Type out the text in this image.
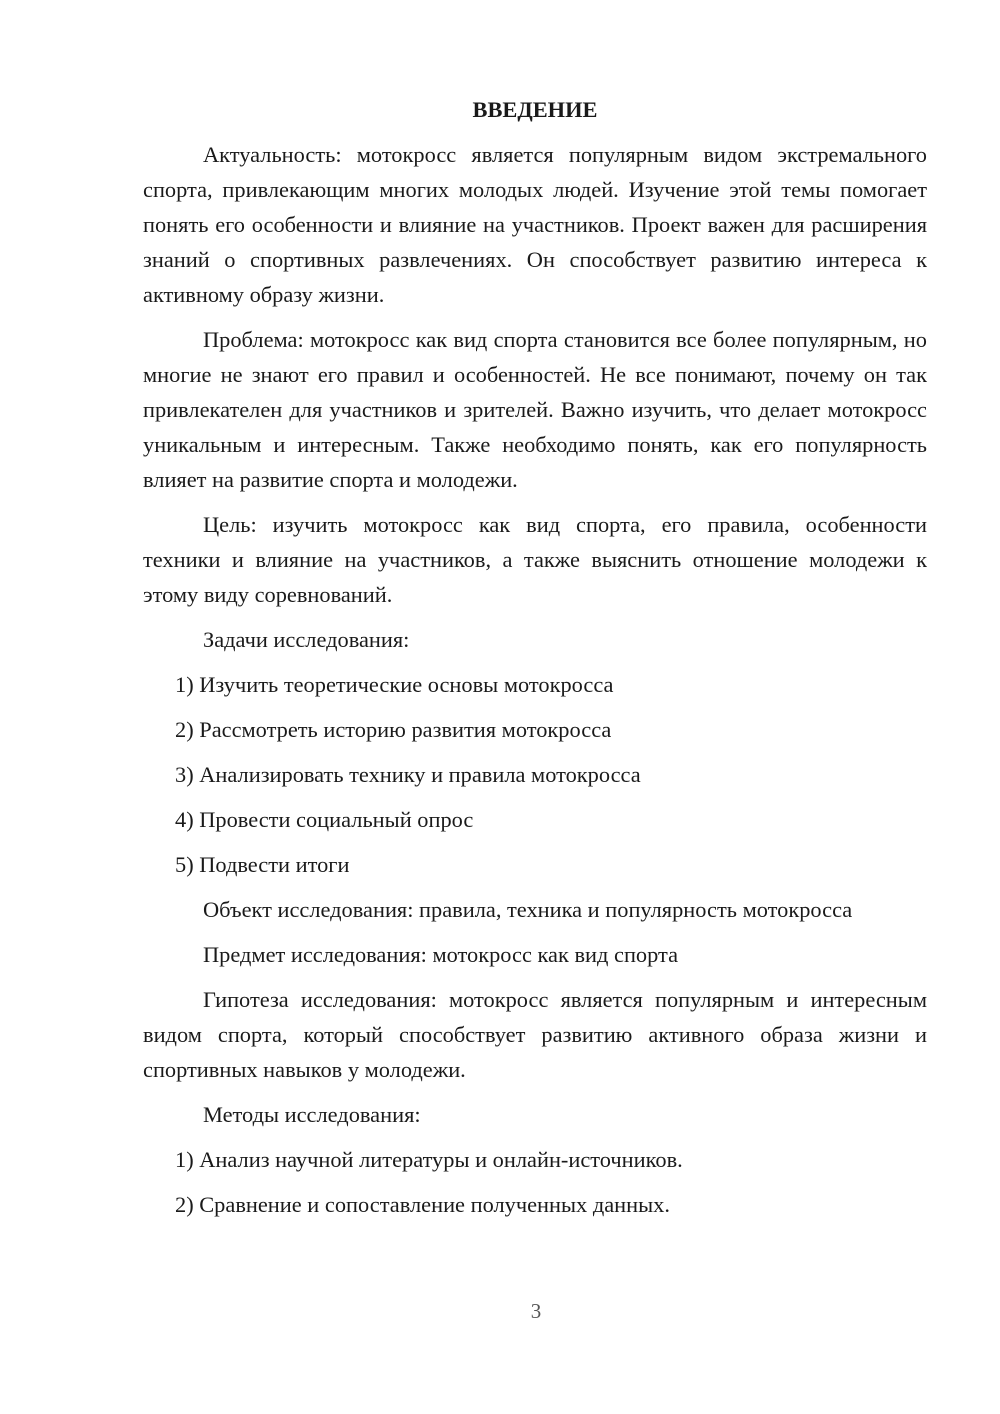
ВВЕДЕНИЕ

Актуальность: мотокросс является популярным видом экстремального спорта, привлекающим многих молодых людей. Изучение этой темы помогает понять его особенности и влияние на участников. Проект важен для расширения знаний о спортивных развлечениях. Он способствует развитию интереса к активному образу жизни.

Проблема: мотокросс как вид спорта становится все более популярным, но многие не знают его правил и особенностей. Не все понимают, почему он так привлекателен для участников и зрителей. Важно изучить, что делает мотокросс уникальным и интересным. Также необходимо понять, как его популярность влияет на развитие спорта и молодежи.

Цель: изучить мотокросс как вид спорта, его правила, особенности техники и влияние на участников, а также выяснить отношение молодежи к этому виду соревнований.

Задачи исследования:

1) Изучить теоретические основы мотокросса
2) Рассмотреть историю развития мотокросса
3) Анализировать технику и правила мотокросса
4) Провести социальный опрос
5) Подвести итоги

Объект исследования: правила, техника и популярность мотокросса

Предмет исследования: мотокросс как вид спорта

Гипотеза исследования: мотокросс является популярным и интересным видом спорта, который способствует развитию активного образа жизни и спортивных навыков у молодежи.

Методы исследования:

1) Анализ научной литературы и онлайн-источников.
2) Сравнение и сопоставление полученных данных.
3
